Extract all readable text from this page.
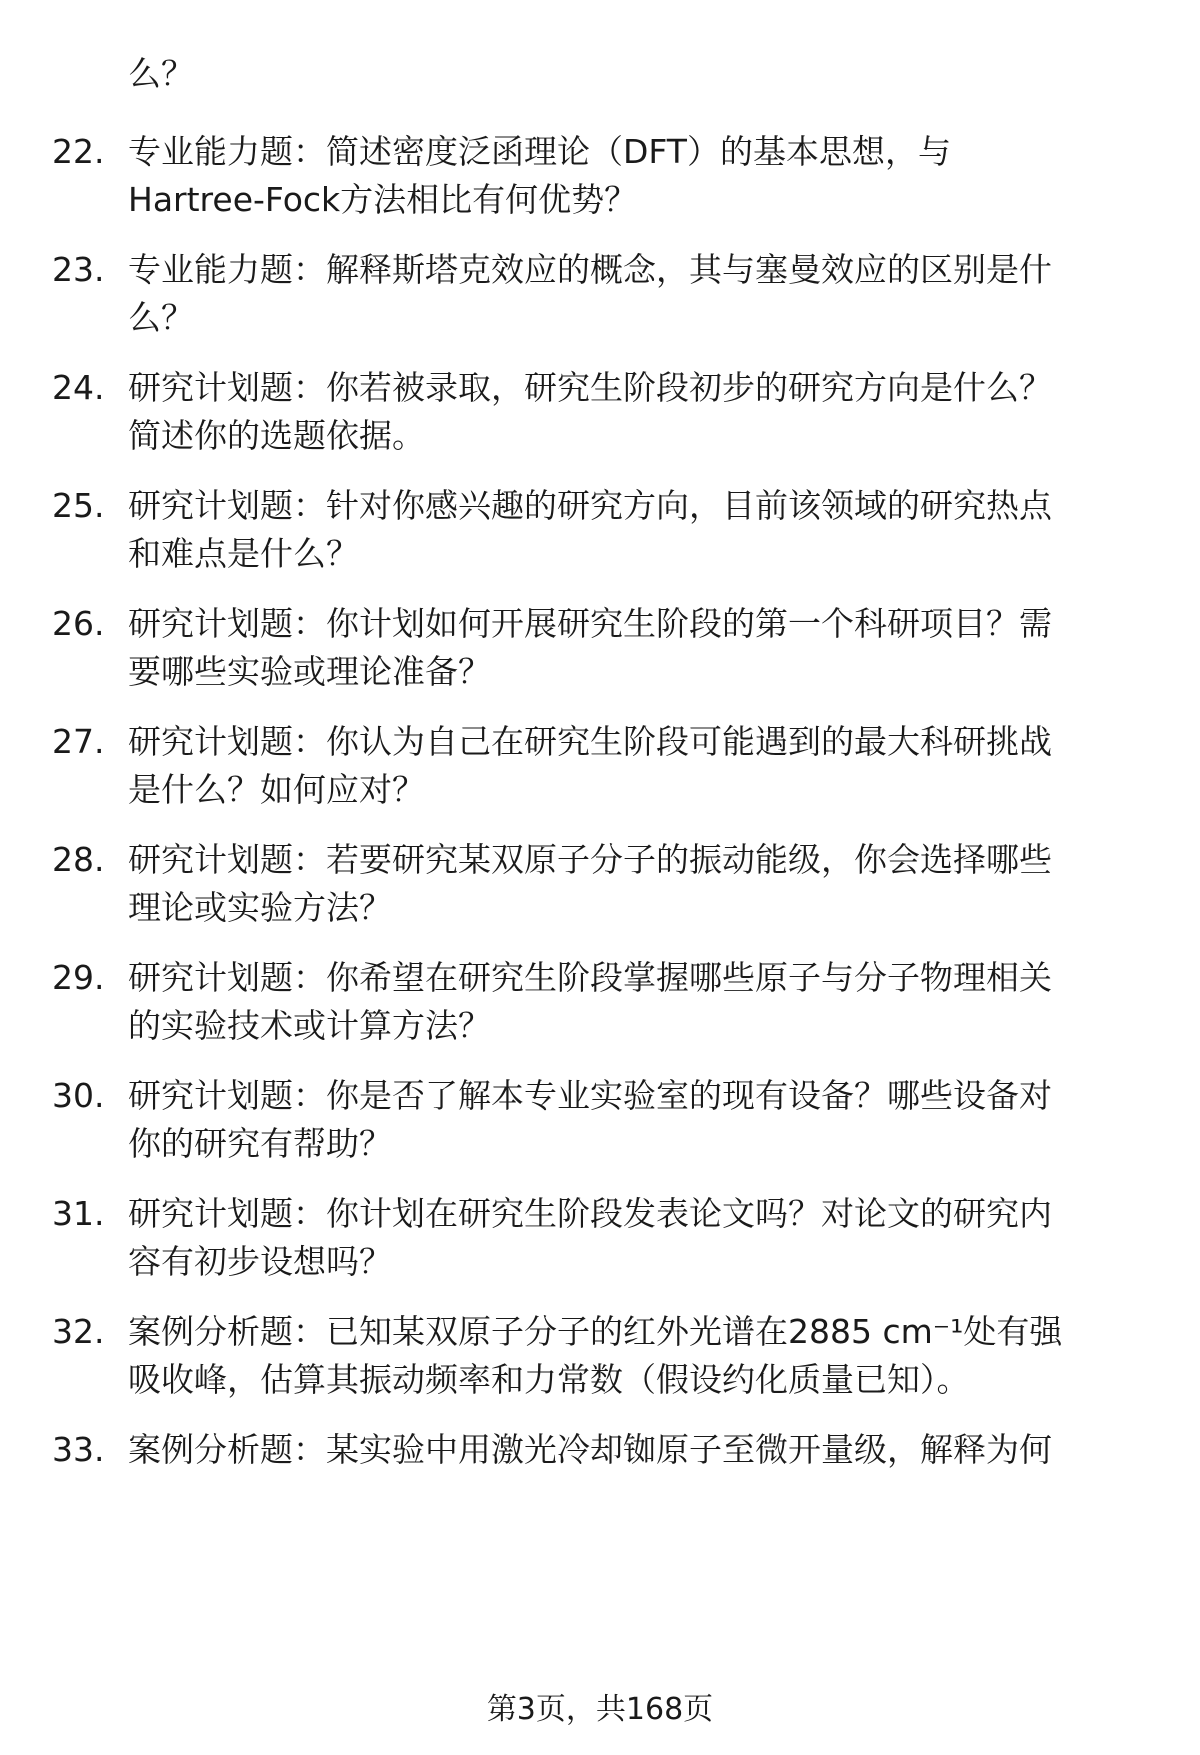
么？
22. 专业能力题：简述密度泛函理论（DFT）的基本思想，与
Hartree-Fock方法相比有何优势？
23. 专业能力题：解释斯塔克效应的概念，其与塞曼效应的区别是什
么？
24. 研究计划题：你若被录取，研究生阶段初步的研究方向是什么？
简述你的选题依据。
25. 研究计划题：针对你感兴趣的研究方向，目前该领域的研究热点
和难点是什么？
26. 研究计划题：你计划如何开展研究生阶段的第一个科研项目？需
要哪些实验或理论准备？
27. 研究计划题：你认为自己在研究生阶段可能遇到的最大科研挑战
是什么？如何应对？
28. 研究计划题：若要研究某双原子分子的振动能级，你会选择哪些
理论或实验方法？
29. 研究计划题：你希望在研究生阶段掌握哪些原子与分子物理相关
的实验技术或计算方法？
30. 研究计划题：你是否了解本专业实验室的现有设备？哪些设备对
你的研究有帮助？
31. 研究计划题：你计划在研究生阶段发表论文吗？对论文的研究内
容有初步设想吗？
32. 案例分析题：已知某双原子分子的红外光谱在2885 cm⁻¹处有强
吸收峰，估算其振动频率和力常数（假设约化质量已知）。
33. 案例分析题：某实验中用激光冷却铷原子至微开量级，解释为何
第3页，共168页
